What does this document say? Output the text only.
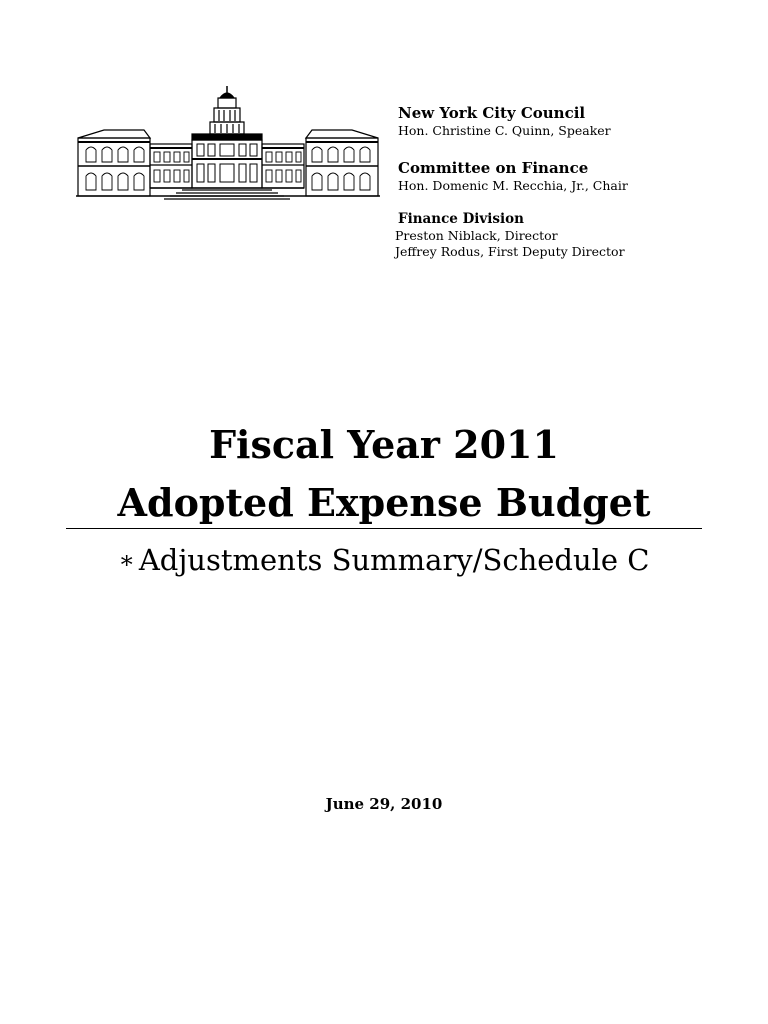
New York City Council
Hon. Christine C. Quinn, Speaker
Committee on Finance
Hon. Domenic M. Recchia, Jr., Chair
Finance Division
Preston Niblack, Director
Jeffrey Rodus, First Deputy Director
Fiscal Year 2011
Adopted Expense Budget
∗ Adjustments Summary/Schedule C
June 29, 2010
